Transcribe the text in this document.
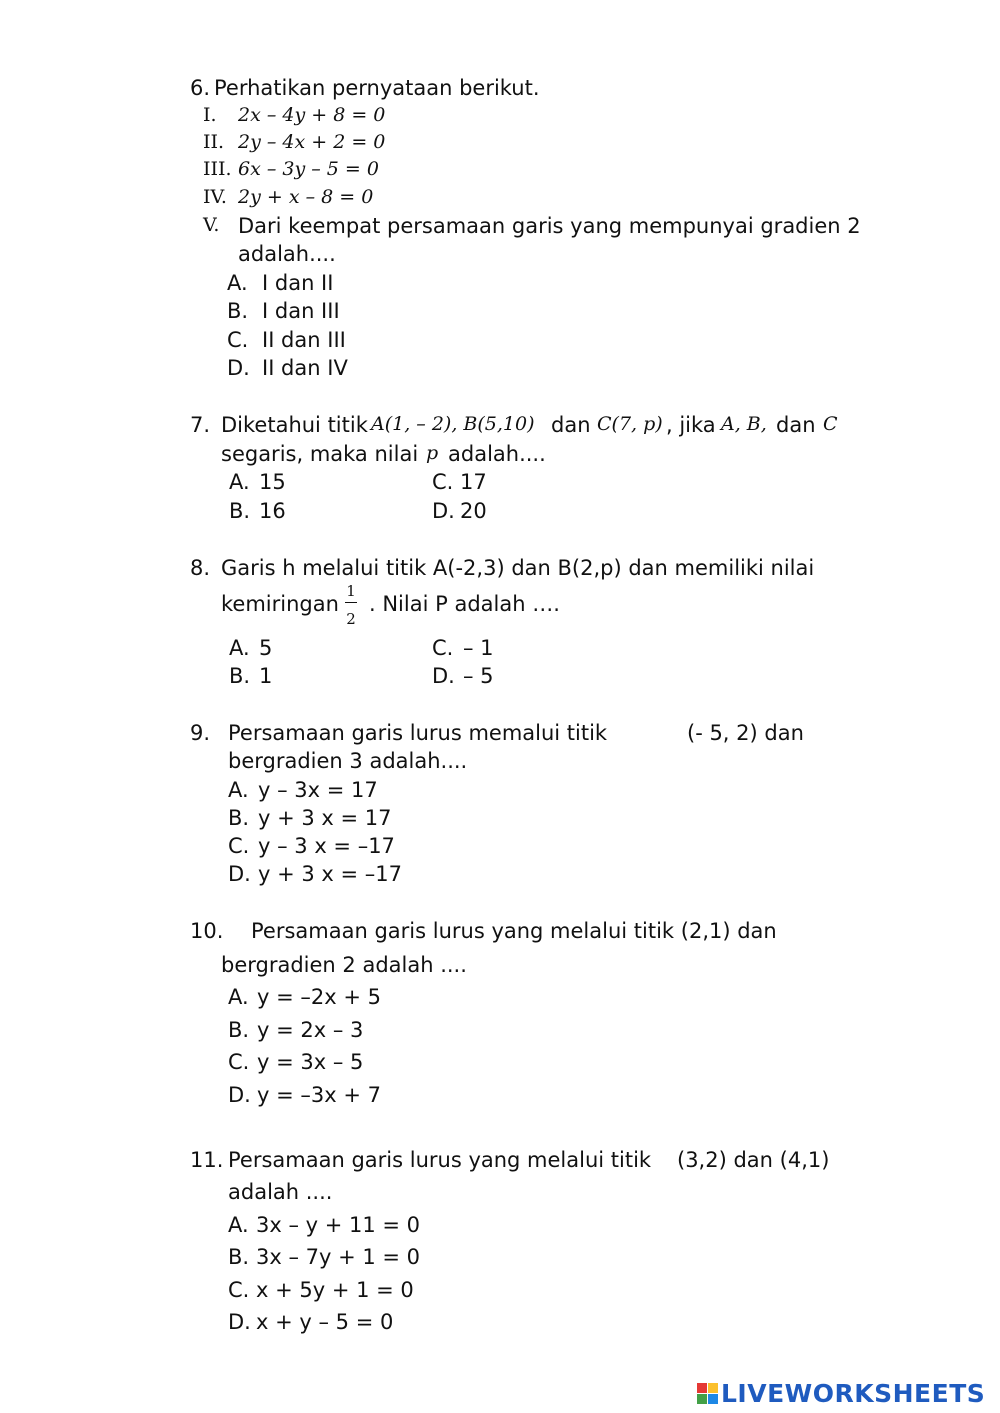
6. Perhatikan pernyataan berikut.
I. 2x – 4y + 8 = 0
II. 2y – 4x + 2 = 0
III. 6x – 3y – 5 = 0
IV. 2y + x – 8 = 0
V. Dari keempat persamaan garis yang mempunyai gradien 2
adalah....
A. I dan II
B. I dan III
C. II dan III
D. II dan IV
7. Diketahui titik A(1, – 2), B(5,10) dan C(7, p) , jika A, B, dan C
segaris, maka nilai p adalah....
A. 15
B. 16
C. 17
D. 20
8. Garis h melalui titik A(-2,3) dan B(2,p) dan memiliki nilai
kemiringan
1
2
. Nilai P adalah ….
A. 5
B. 1
C. – 1
D. – 5
9. Persamaan garis lurus memalui titik	(- 5, 2) dan
bergradien 3 adalah....
A. y – 3x = 17
B. y + 3 x = 17
C. y – 3 x = –17
D. y + 3 x = –17
10. Persamaan garis lurus yang melalui titik (2,1) dan
bergradien 2 adalah ....
A. y = –2x + 5
B. y = 2x – 3
C. y = 3x – 5
D. y = –3x + 7
11. Persamaan garis lurus yang melalui titik (3,2) dan (4,1)
adalah ....
A. 3x – y + 11 = 0
B. 3x – 7y + 1 = 0
C. x + 5y + 1 = 0
D. x + y – 5 = 0
LIVEWORKSHEETS
